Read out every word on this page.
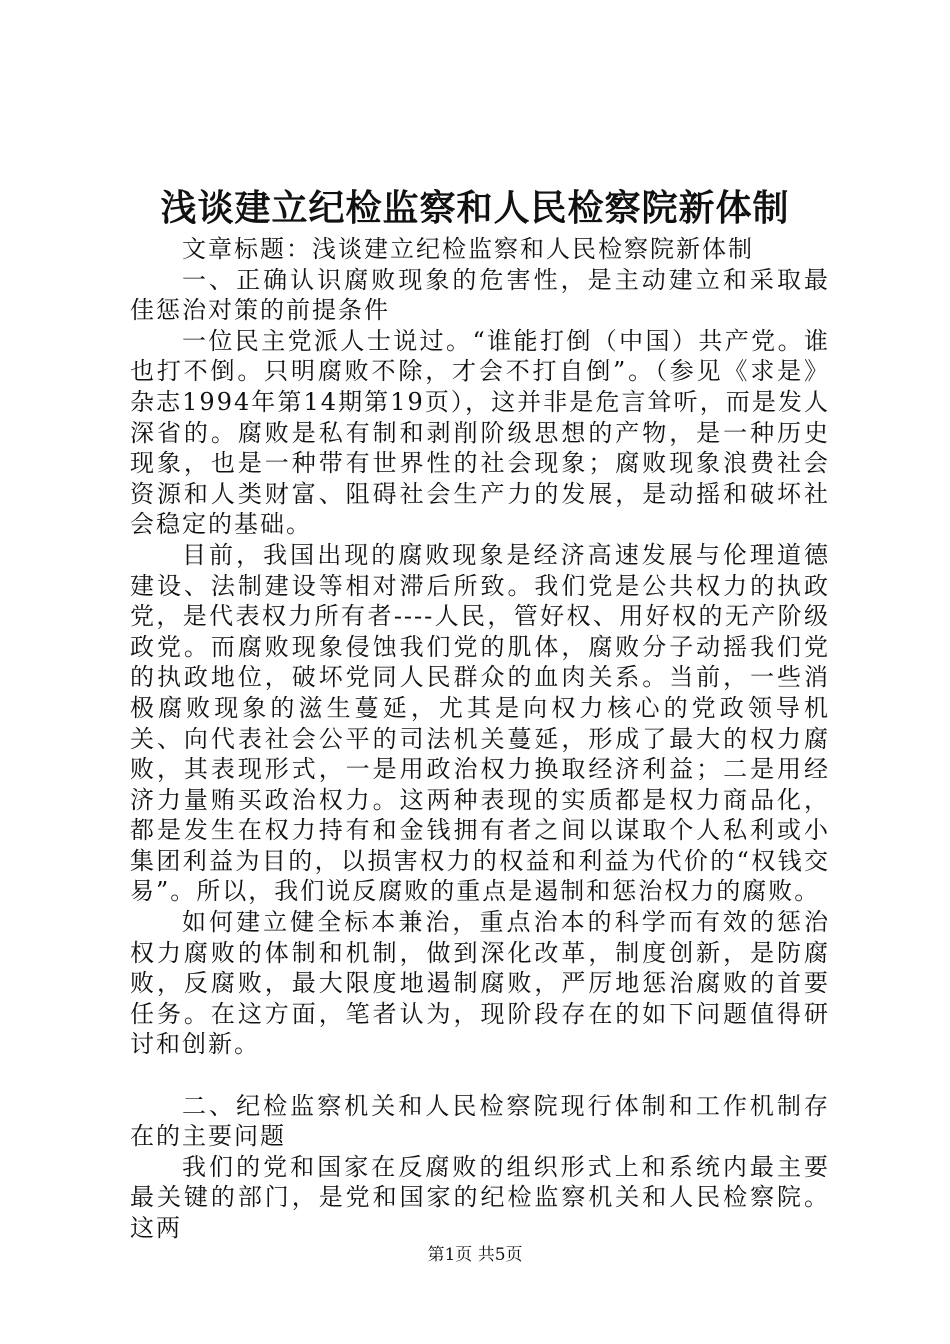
浅谈建立纪检监察和人民检察院新体制

文章标题：浅谈建立纪检监察和人民检察院新体制

一、正确认识腐败现象的危害性，是主动建立和采取最佳惩治对策的前提条件

一位民主党派人士说过。“谁能打倒（中国）共产党。谁也打不倒。只明腐败不除，才会不打自倒”。（参见《求是》杂志1994年第14期第19页），这并非是危言耸听，而是发人深省的。腐败是私有制和剥削阶级思想的产物，是一种历史现象，也是一种带有世界性的社会现象；腐败现象浪费社会资源和人类财富、阻碍社会生产力的发展，是动摇和破坏社会稳定的基础。

目前，我国出现的腐败现象是经济高速发展与伦理道德建设、法制建设等相对滞后所致。我们党是公共权力的执政党，是代表权力所有者----人民，管好权、用好权的无产阶级政党。而腐败现象侵蚀我们党的肌体，腐败分子动摇我们党的执政地位，破坏党同人民群众的血肉关系。当前，一些消极腐败现象的滋生蔓延，尤其是向权力核心的党政领导机关、向代表社会公平的司法机关蔓延，形成了最大的权力腐败，其表现形式，一是用政治权力换取经济利益；二是用经济力量贿买政治权力。这两种表现的实质都是权力商品化，都是发生在权力持有和金钱拥有者之间以谋取个人私利或小集团利益为目的，以损害权力的权益和利益为代价的“权钱交易”。所以，我们说反腐败的重点是遏制和惩治权力的腐败。

如何建立健全标本兼治，重点治本的科学而有效的惩治权力腐败的体制和机制，做到深化改革，制度创新，是防腐败，反腐败，最大限度地遏制腐败，严厉地惩治腐败的首要任务。在这方面，笔者认为，现阶段存在的如下问题值得研讨和创新。

二、纪检监察机关和人民检察院现行体制和工作机制存在的主要问题

我们的党和国家在反腐败的组织形式上和系统内最主要最关键的部门，是党和国家的纪检监察机关和人民检察院。这两

第1页 共5页
